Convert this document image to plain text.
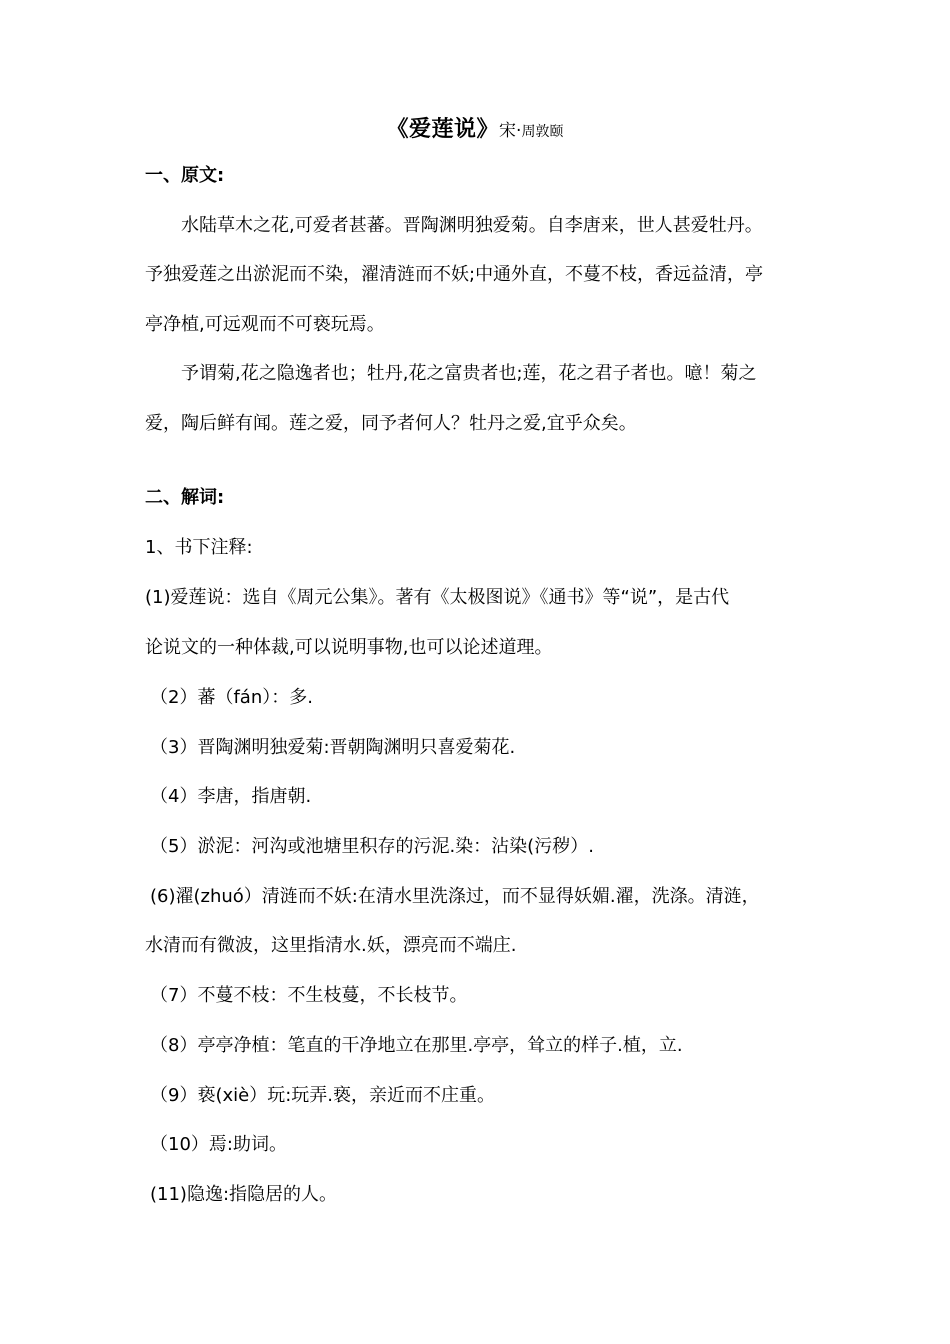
《爱莲说》宋·周敦颐
一、原文:
水陆草木之花,可爱者甚蕃。晋陶渊明独爱菊。自李唐来，世人甚爱牡丹。
予独爱莲之出淤泥而不染，濯清涟而不妖;中通外直，不蔓不枝，香远益清，亭
亭净植,可远观而不可亵玩焉。
予谓菊,花之隐逸者也；牡丹,花之富贵者也;莲，花之君子者也。噫！菊之
爱，陶后鲜有闻。莲之爱，同予者何人？牡丹之爱,宜乎众矣。
二、解词:
1、书下注释:
(1)爱莲说：选自《周元公集》。著有《太极图说》《通书》等“说”，是古代
论说文的一种体裁,可以说明事物,也可以论述道理。
（2）蕃（fán）：多.
（3）晋陶渊明独爱菊:晋朝陶渊明只喜爱菊花.
（4）李唐，指唐朝.
（5）淤泥：河沟或池塘里积存的污泥.染：沾染(污秽）.
(6)濯(zhuó）清涟而不妖:在清水里洗涤过，而不显得妖媚.濯，洗涤。清涟，
水清而有微波，这里指清水.妖，漂亮而不端庄.
（7）不蔓不枝：不生枝蔓，不长枝节。
（8）亭亭净植：笔直的干净地立在那里.亭亭，耸立的样子.植，立.
（9）亵(xiè）玩:玩弄.亵，亲近而不庄重。
（10）焉:助词。
(11)隐逸:指隐居的人。
